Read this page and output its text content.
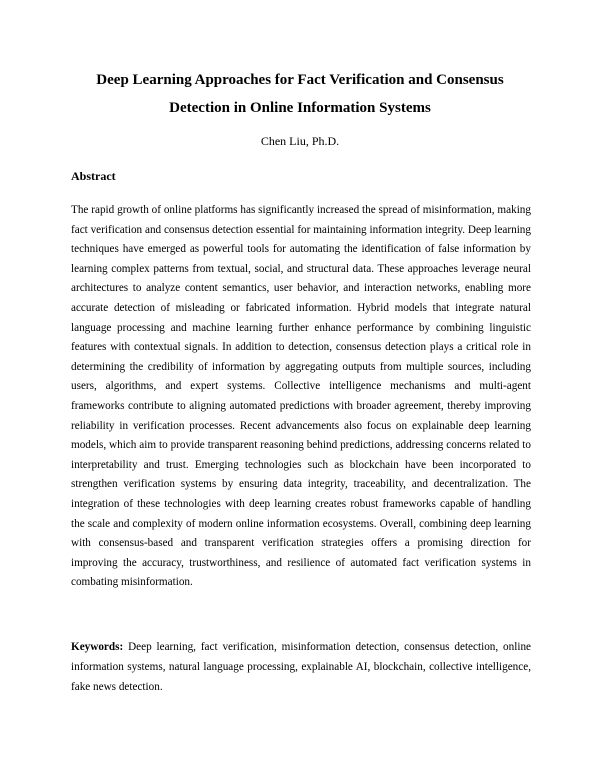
Deep Learning Approaches for Fact Verification and Consensus
Detection in Online Information Systems

Chen Liu, Ph.D.

Abstract

The rapid growth of online platforms has significantly increased the spread of misinformation, making fact verification and consensus detection essential for maintaining information integrity. Deep learning techniques have emerged as powerful tools for automating the identification of false information by learning complex patterns from textual, social, and structural data. These approaches leverage neural architectures to analyze content semantics, user behavior, and interaction networks, enabling more accurate detection of misleading or fabricated information. Hybrid models that integrate natural language processing and machine learning further enhance performance by combining linguistic features with contextual signals. In addition to detection, consensus detection plays a critical role in determining the credibility of information by aggregating outputs from multiple sources, including users, algorithms, and expert systems. Collective intelligence mechanisms and multi-agent frameworks contribute to aligning automated predictions with broader agreement, thereby improving reliability in verification processes. Recent advancements also focus on explainable deep learning models, which aim to provide transparent reasoning behind predictions, addressing concerns related to interpretability and trust. Emerging technologies such as blockchain have been incorporated to strengthen verification systems by ensuring data integrity, traceability, and decentralization. The integration of these technologies with deep learning creates robust frameworks capable of handling the scale and complexity of modern online information ecosystems. Overall, combining deep learning with consensus-based and transparent verification strategies offers a promising direction for improving the accuracy, trustworthiness, and resilience of automated fact verification systems in combating misinformation.

Keywords: Deep learning, fact verification, misinformation detection, consensus detection, online information systems, natural language processing, explainable AI, blockchain, collective intelligence, fake news detection.
